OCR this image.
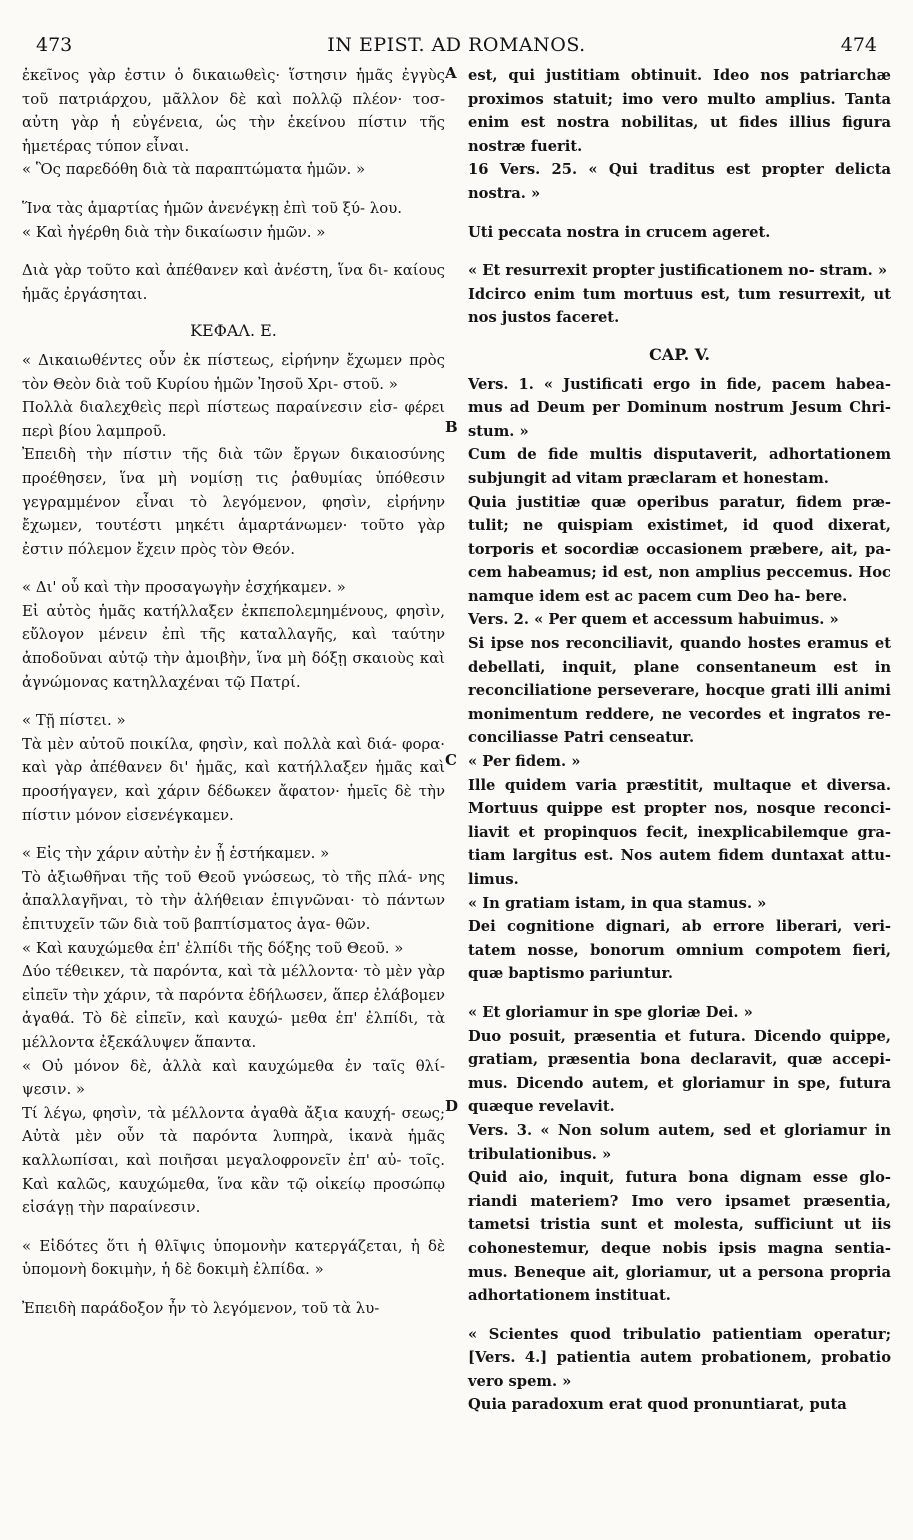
473	IN EPIST. AD ROMANOS.	474
A
B
C
D

ἐκεῖνος γὰρ ἐστιν ὁ δικαιωθεὶς· ἵστησιν ἡμᾶς ἐγγὺς τοῦ πατριάρχου, μᾶλλον δὲ καὶ πολλῷ πλέον· τοσ- αὐτη γὰρ ἡ εὐγένεια, ὡς τὴν ἐκείνου πίστιν τῆς ἡμετέρας τύπον εἶναι.

« Ὃς παρεδόθη διὰ τὰ παραπτώματα ἡμῶν. »

Ἵνα τὰς ἁμαρτίας ἡμῶν ἀνενέγκῃ ἐπὶ τοῦ ξύ- λου.

« Καὶ ἠγέρθη διὰ τὴν δικαίωσιν ἡμῶν. »

Διὰ γὰρ τοῦτο καὶ ἀπέθανεν καὶ ἀνέστη, ἵνα δι- καίους ἡμᾶς ἐργάσηται.

ΚΕΦΑΛ. Ε.

« Δικαιωθέντες οὖν ἐκ πίστεως, εἰρήνην ἔχωμεν πρὸς τὸν Θεὸν διὰ τοῦ Κυρίου ἡμῶν Ἰησοῦ Χρι- στοῦ. »

Πολλὰ διαλεχθεὶς περὶ πίστεως παραίνεσιν εἰσ- φέρει περὶ βίου λαμπροῦ.

Ἐπειδὴ τὴν πίστιν τῆς διὰ τῶν ἔργων δικαιοσύνης προέθησεν, ἵνα μὴ νομίσῃ τις ῥαθυμίας ὑπόθεσιν γεγραμμένον εἶναι τὸ λεγόμενον, φησὶν, εἰρήνην ἔχωμεν, τουτέστι μηκέτι ἁμαρτάνωμεν· τοῦτο γὰρ ἐστιν πόλεμον ἔχειν πρὸς τὸν Θεόν.

« Δι' οὗ καὶ τὴν προσαγωγὴν ἐσχήκαμεν. »

Εἰ αὐτὸς ἡμᾶς κατήλλαξεν ἐκπεπολεμημένους, φησὶν, εὔλογον μένειν ἐπὶ τῆς καταλλαγῆς, καὶ ταύτην ἀποδοῦναι αὐτῷ τὴν ἀμοιβὴν, ἵνα μὴ δόξῃ σκαιοὺς καὶ ἀγνώμονας κατηλλαχέναι τῷ Πατρί.

« Τῇ πίστει. »

Τὰ μὲν αὐτοῦ ποικίλα, φησὶν, καὶ πολλὰ καὶ διά- φορα· καὶ γὰρ ἀπέθανεν δι' ἡμᾶς, καὶ κατήλλαξεν ἡμᾶς καὶ προσήγαγεν, καὶ χάριν δέδωκεν ἄφατον· ἡμεῖς δὲ τὴν πίστιν μόνον εἰσενέγκαμεν.

« Εἰς τὴν χάριν αὐτὴν ἐν ᾗ ἑστήκαμεν. »

Τὸ ἀξιωθῆναι τῆς τοῦ Θεοῦ γνώσεως, τὸ τῆς πλά- νης ἀπαλλαγῆναι, τὸ τὴν ἀλήθειαν ἐπιγνῶναι· τὸ πάντων ἐπιτυχεῖν τῶν διὰ τοῦ βαπτίσματος ἀγα- θῶν.

« Καὶ καυχώμεθα ἐπ' ἐλπίδι τῆς δόξης τοῦ Θεοῦ. »

Δύο τέθεικεν, τὰ παρόντα, καὶ τὰ μέλλοντα· τὸ μὲν γὰρ εἰπεῖν τὴν χάριν, τὰ παρόντα ἐδήλωσεν, ἅπερ ἐλάβομεν ἀγαθά. Τὸ δὲ εἰπεῖν, καὶ καυχώ- μεθα ἐπ' ἐλπίδι, τὰ μέλλοντα ἐξεκάλυψεν ἅπαντα.

« Οὐ μόνον δὲ, ἀλλὰ καὶ καυχώμεθα ἐν ταῖς θλί- ψεσιν. »

Τί λέγω, φησὶν, τὰ μέλλοντα ἀγαθὰ ἄξια καυχή- σεως; Αὐτὰ μὲν οὖν τὰ παρόντα λυπηρὰ, ἱκανὰ ἡμᾶς καλλωπίσαι, καὶ ποιῆσαι μεγαλοφρονεῖν ἐπ' αὐ- τοῖς. Καὶ καλῶς, καυχώμεθα, ἵνα κἂν τῷ οἰκείῳ προσώπῳ εἰσάγῃ τὴν παραίνεσιν.

« Εἰδότες ὅτι ἡ θλῖψις ὑπομονὴν κατεργάζεται, ἡ δὲ ὑπομονὴ δοκιμὴν, ἡ δὲ δοκιμὴ ἐλπίδα. »

Ἐπειδὴ παράδοξον ἦν τὸ λεγόμενον, τοῦ τὰ λυ-

est, qui justitiam obtinuit. Ideo nos patriarchæ proximos statuit; imo vero multo amplius. Tanta enim est nostra nobilitas, ut fides illius figura nostræ fuerit.

16 Vers. 25. « Qui traditus est propter delicta nostra. »

Uti peccata nostra in crucem ageret.

« Et resurrexit propter justificationem no- stram. »

Idcirco enim tum mortuus est, tum resurrexit, ut nos justos faceret.

CAP. V.

Vers. 1. « Justificati ergo in fide, pacem habea- mus ad Deum per Dominum nostrum Jesum Chri- stum. »

Cum de fide multis disputaverit, adhortationem subjungit ad vitam præclaram et honestam.

Quia justitiæ quæ operibus paratur, fidem præ- tulit; ne quispiam existimet, id quod dixerat, torporis et socordiæ occasionem præbere, ait, pa- cem habeamus; id est, non amplius peccemus. Hoc namque idem est ac pacem cum Deo ha- bere.

Vers. 2. « Per quem et accessum habuimus. »

Si ipse nos reconciliavit, quando hostes eramus et debellati, inquit, plane consentaneum est in reconciliatione perseverare, hocque grati illi animi monimentum reddere, ne vecordes et ingratos re- conciliasse Patri censeatur.

« Per fidem. »

Ille quidem varia præstitit, multaque et diversa. Mortuus quippe est propter nos, nosque reconci- liavit et propinquos fecit, inexplicabilemque gra- tiam largitus est. Nos autem fidem duntaxat attu- limus.

« In gratiam istam, in qua stamus. »

Dei cognitione dignari, ab errore liberari, veri- tatem nosse, bonorum omnium compotem fieri, quæ baptismo pariuntur.

« Et gloriamur in spe gloriæ Dei. »

Duo posuit, præsentia et futura. Dicendo quippe, gratiam, præsentia bona declaravit, quæ accepi- mus. Dicendo autem, et gloriamur in spe, futura quæque revelavit.

Vers. 3. « Non solum autem, sed et gloriamur in tribulationibus. »

Quid aio, inquit, futura bona dignam esse glo- riandi materiem? Imo vero ipsamet præsentia, tametsi tristia sunt et molesta, sufficiunt ut iis cohonestemur, deque nobis ipsis magna sentia- mus. Beneque ait, gloriamur, ut a persona propria adhortationem instituat.

« Scientes quod tribulatio patientiam operatur; [Vers. 4.] patientia autem probationem, probatio vero spem. »

Quia paradoxum erat quod pronuntiarat, puta
